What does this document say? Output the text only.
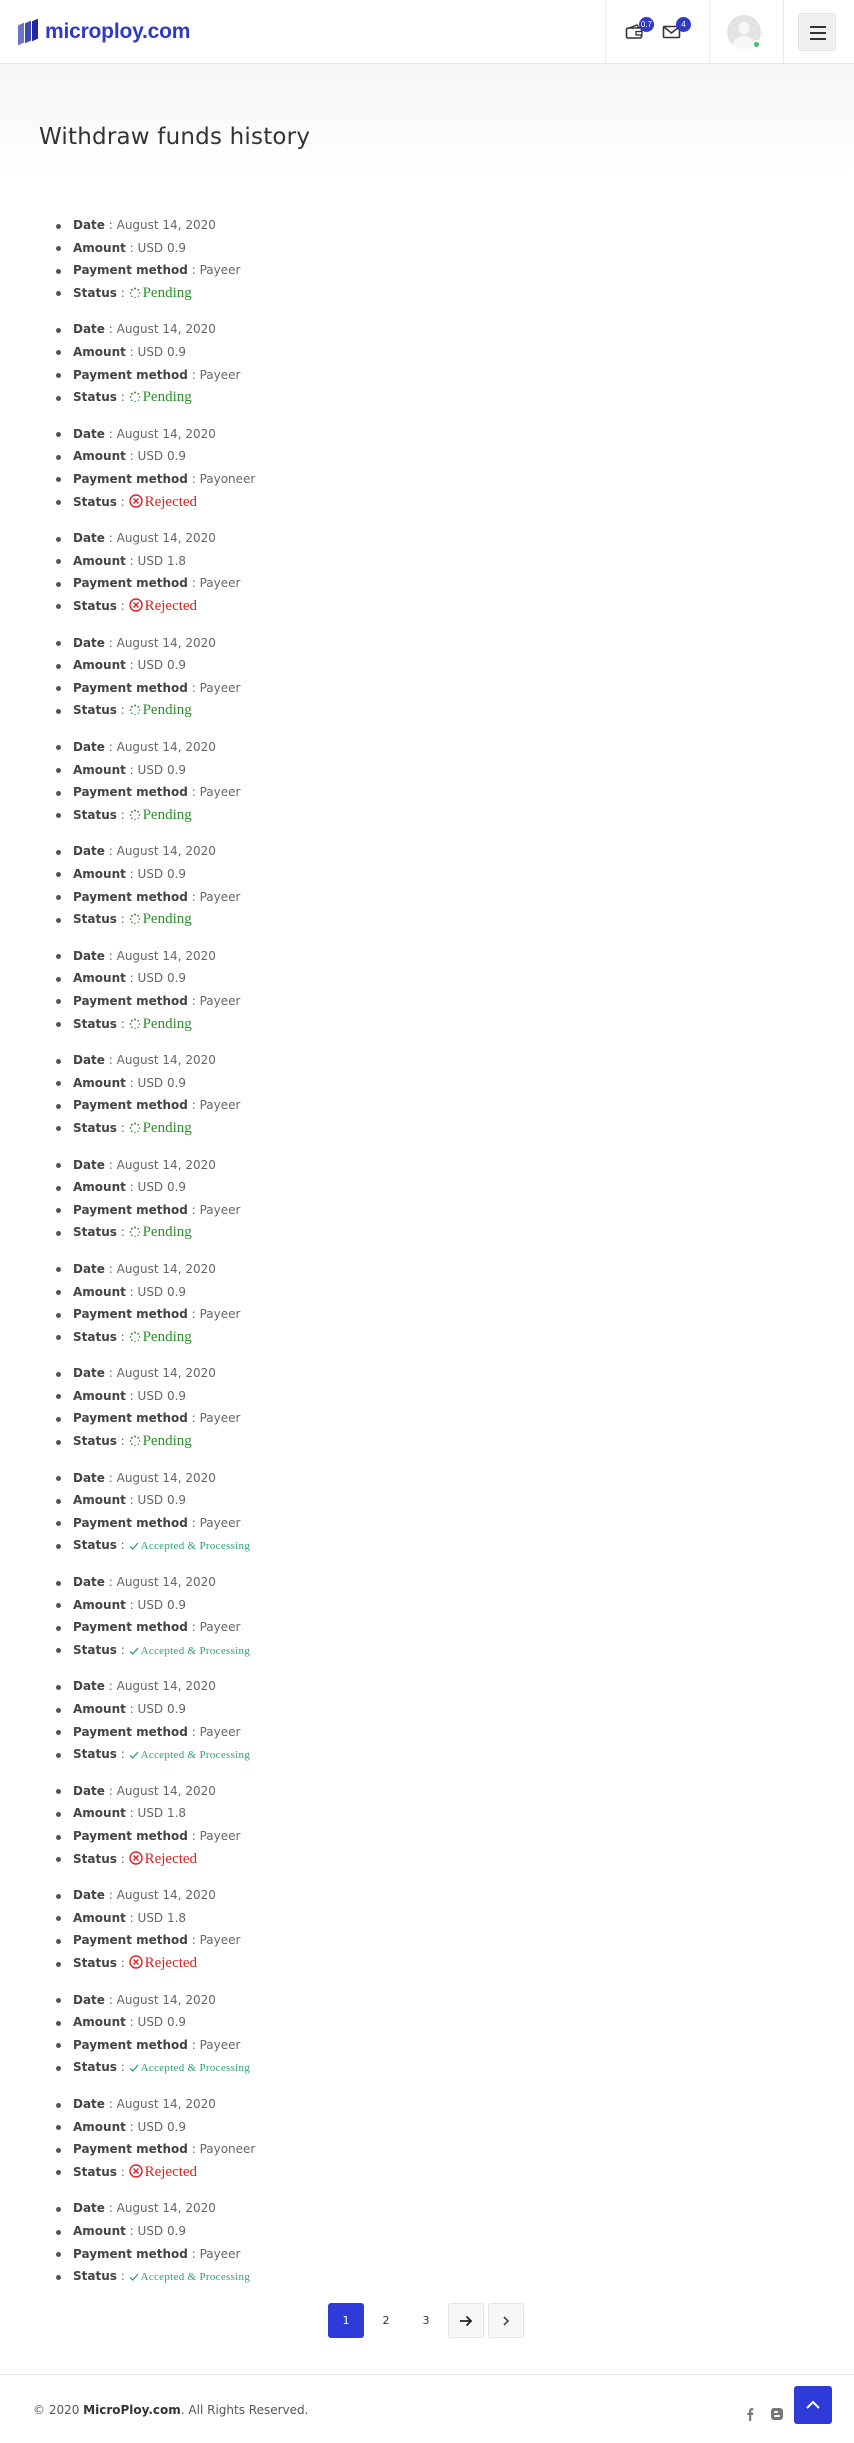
microploy.com	0.7	4
Withdraw funds history
Date : August 14, 2020
Amount : USD 0.9
Payment method : Payeer
Status : Pending
Date : August 14, 2020
Amount : USD 0.9
Payment method : Payeer
Status : Pending
Date : August 14, 2020
Amount : USD 0.9
Payment method : Payoneer
Status : Rejected
Date : August 14, 2020
Amount : USD 1.8
Payment method : Payeer
Status : Rejected
Date : August 14, 2020
Amount : USD 0.9
Payment method : Payeer
Status : Pending
Date : August 14, 2020
Amount : USD 0.9
Payment method : Payeer
Status : Pending
Date : August 14, 2020
Amount : USD 0.9
Payment method : Payeer
Status : Pending
Date : August 14, 2020
Amount : USD 0.9
Payment method : Payeer
Status : Pending
Date : August 14, 2020
Amount : USD 0.9
Payment method : Payeer
Status : Pending
Date : August 14, 2020
Amount : USD 0.9
Payment method : Payeer
Status : Pending
Date : August 14, 2020
Amount : USD 0.9
Payment method : Payeer
Status : Pending
Date : August 14, 2020
Amount : USD 0.9
Payment method : Payeer
Status : Pending
Date : August 14, 2020
Amount : USD 0.9
Payment method : Payeer
Status : Accepted & Processing
Date : August 14, 2020
Amount : USD 0.9
Payment method : Payeer
Status : Accepted & Processing
Date : August 14, 2020
Amount : USD 0.9
Payment method : Payeer
Status : Accepted & Processing
Date : August 14, 2020
Amount : USD 1.8
Payment method : Payeer
Status : Rejected
Date : August 14, 2020
Amount : USD 1.8
Payment method : Payeer
Status : Rejected
Date : August 14, 2020
Amount : USD 0.9
Payment method : Payeer
Status : Accepted & Processing
Date : August 14, 2020
Amount : USD 0.9
Payment method : Payoneer
Status : Rejected
Date : August 14, 2020
Amount : USD 0.9
Payment method : Payeer
Status : Accepted & Processing
1	2	3
© 2020 MicroPloy.com. All Rights Reserved.
